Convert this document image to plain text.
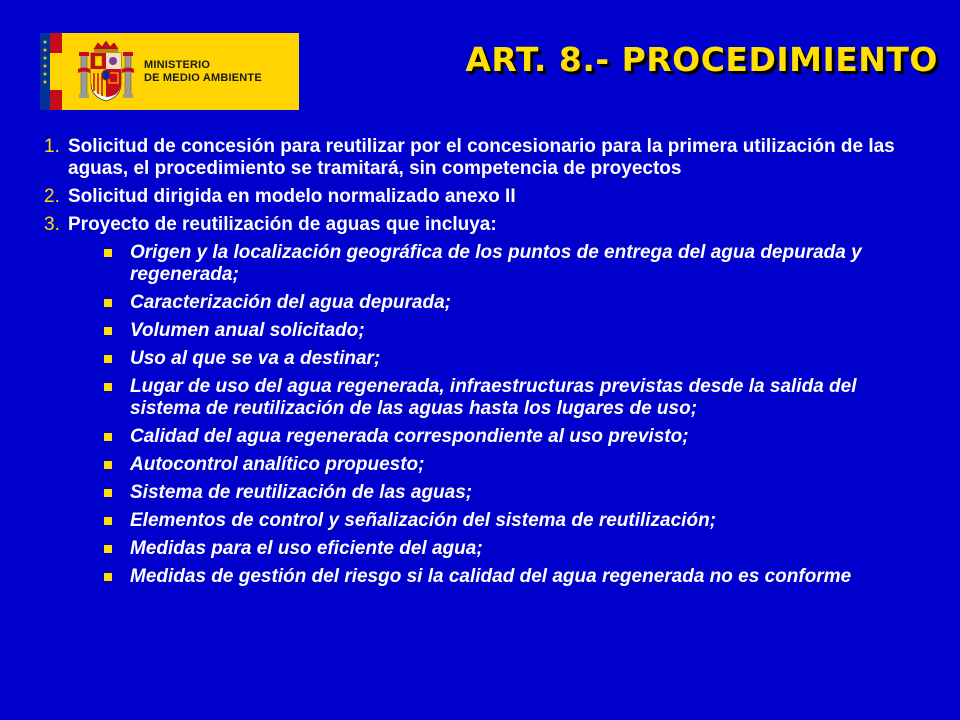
★ ★ ★ ★ ★ ★
MINISTERIO
DE MEDIO AMBIENTE	ART. 8.- PROCEDIMIENTO
1. Solicitud de concesión para reutilizar por el concesionario para la primera utilización de las aguas, el procedimiento se tramitará, sin competencia de proyectos
2. Solicitud dirigida en modelo normalizado anexo II
3. Proyecto de reutilización de aguas que incluya:
Origen y la localización geográfica de los puntos de entrega del agua depurada y regenerada;
Caracterización del agua depurada;
Volumen anual solicitado;
Uso al que se va a destinar;
Lugar de uso del agua regenerada, infraestructuras previstas desde la salida del sistema de reutilización de las aguas hasta los lugares de uso;
Calidad del agua regenerada correspondiente al uso previsto;
Autocontrol analítico propuesto;
Sistema de reutilización de las aguas;
Elementos de control y señalización del sistema de reutilización;
Medidas para el uso eficiente del agua;
Medidas de gestión del riesgo si la calidad del agua regenerada no es conforme
